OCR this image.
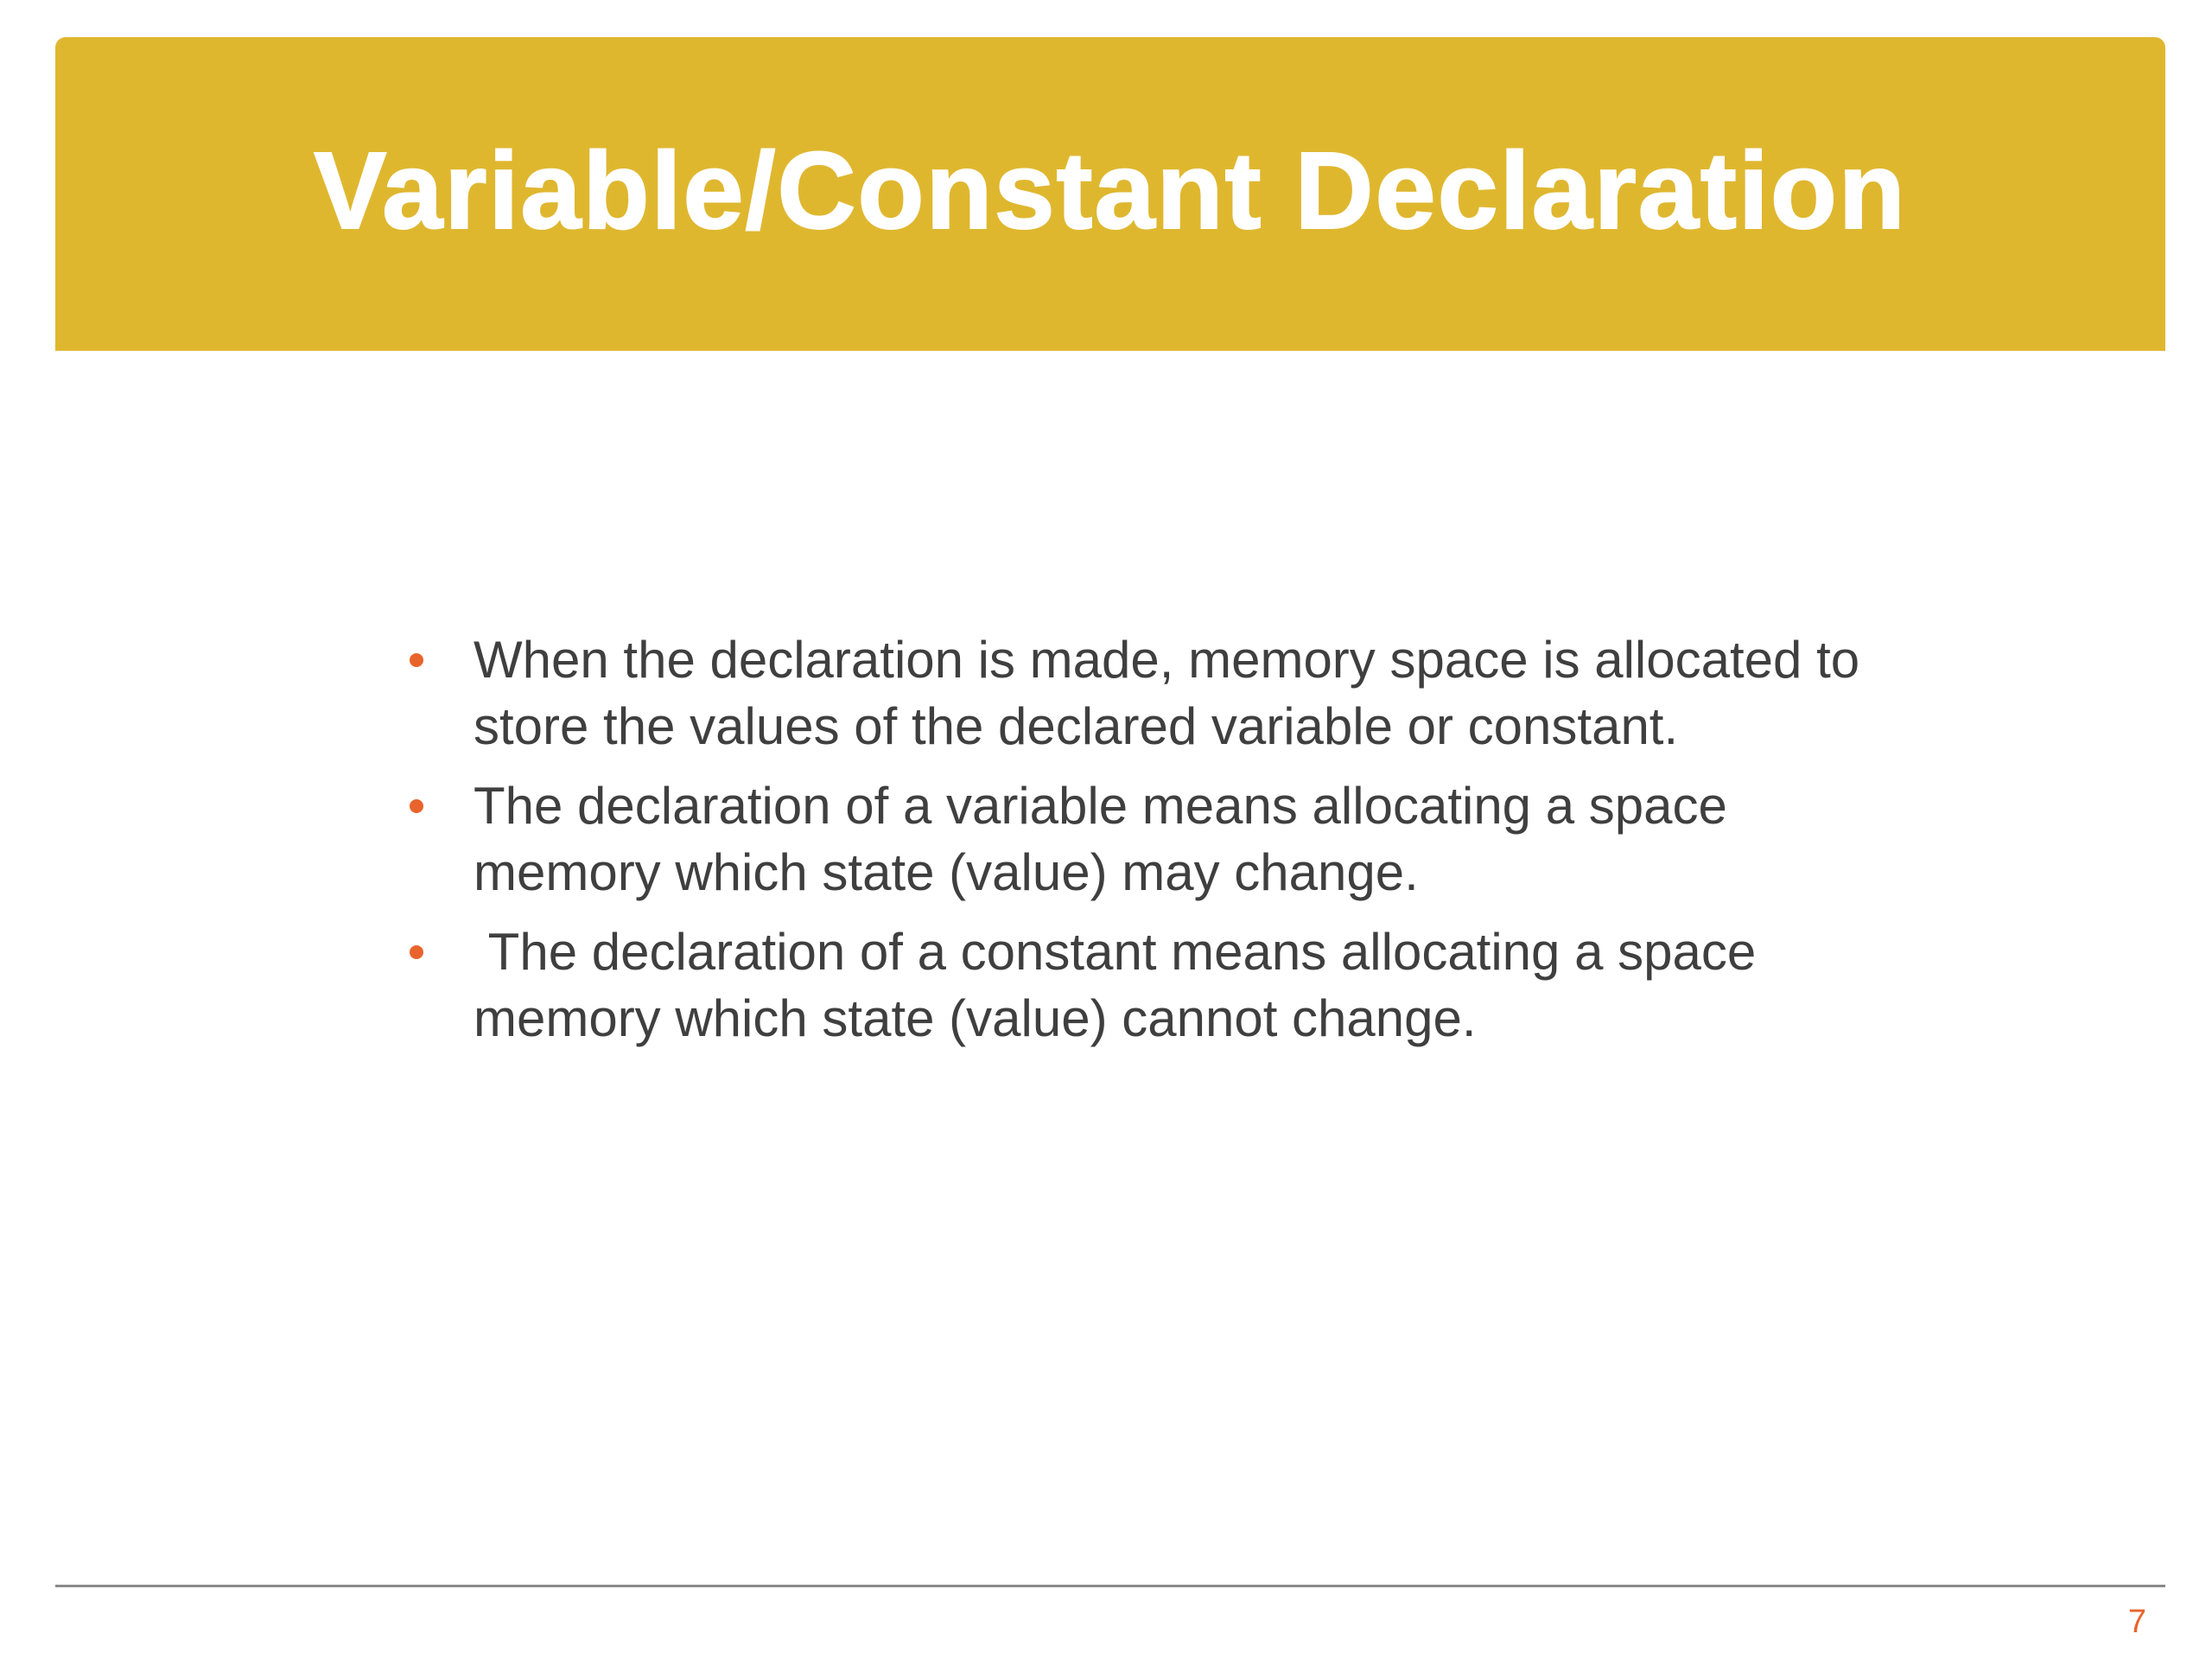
Variable/Constant Declaration
When the declaration is made, memory space is allocated to store the values of the declared variable or constant.
The declaration of a variable means allocating a space memory which state (value) may change.
The declaration of a constant means allocating a space memory which state (value) cannot change.
7
